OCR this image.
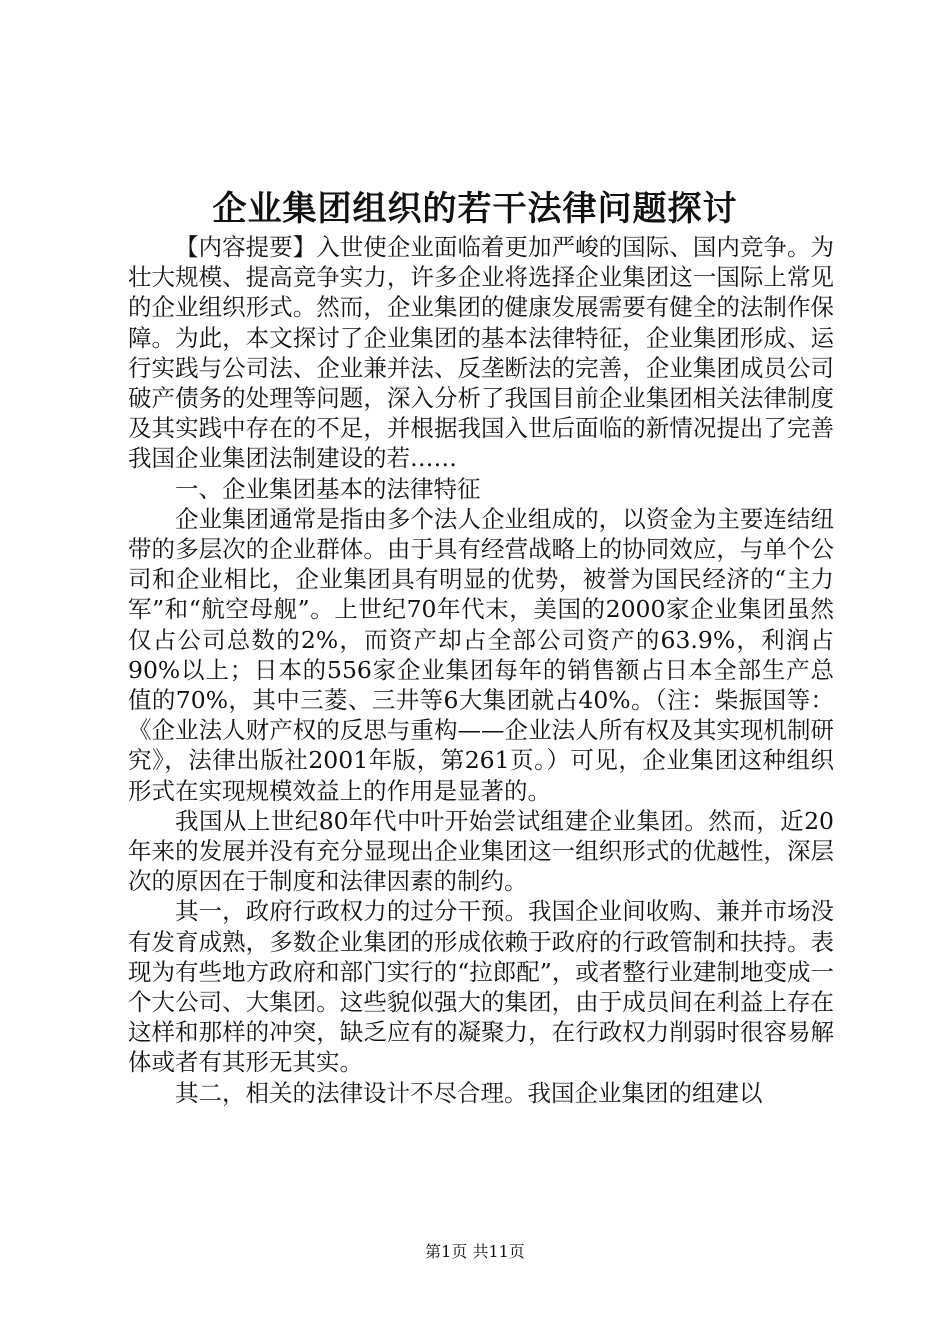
企业集团组织的若干法律问题探讨

【内容提要】入世使企业面临着更加严峻的国际、国内竞争。为壮大规模、提高竞争实力，许多企业将选择企业集团这一国际上常见的企业组织形式。然而，企业集团的健康发展需要有健全的法制作保障。为此，本文探讨了企业集团的基本法律特征，企业集团形成、运行实践与公司法、企业兼并法、反垄断法的完善，企业集团成员公司破产债务的处理等问题，深入分析了我国目前企业集团相关法律制度及其实践中存在的不足，并根据我国入世后面临的新情况提出了完善我国企业集团法制建设的若……

一、企业集团基本的法律特征

企业集团通常是指由多个法人企业组成的，以资金为主要连结纽带的多层次的企业群体。由于具有经营战略上的协同效应，与单个公司和企业相比，企业集团具有明显的优势，被誉为国民经济的“主力军”和“航空母舰”。上世纪70年代末，美国的2000家企业集团虽然仅占公司总数的2%，而资产却占全部公司资产的63.9%，利润占90%以上；日本的556家企业集团每年的销售额占日本全部生产总值的70%，其中三菱、三井等6大集团就占40%。（注：柴振国等：《企业法人财产权的反思与重构——企业法人所有权及其实现机制研究》，法律出版社2001年版，第261页。）可见，企业集团这种组织形式在实现规模效益上的作用是显著的。

我国从上世纪80年代中叶开始尝试组建企业集团。然而，近20年来的发展并没有充分显现出企业集团这一组织形式的优越性，深层次的原因在于制度和法律因素的制约。

其一，政府行政权力的过分干预。我国企业间收购、兼并市场没有发育成熟，多数企业集团的形成依赖于政府的行政管制和扶持。表现为有些地方政府和部门实行的“拉郎配”，或者整行业建制地变成一个大公司、大集团。这些貌似强大的集团，由于成员间在利益上存在这样和那样的冲突，缺乏应有的凝聚力，在行政权力削弱时很容易解体或者有其形无其实。

其二，相关的法律设计不尽合理。我国企业集团的组建以

第1页 共11页
